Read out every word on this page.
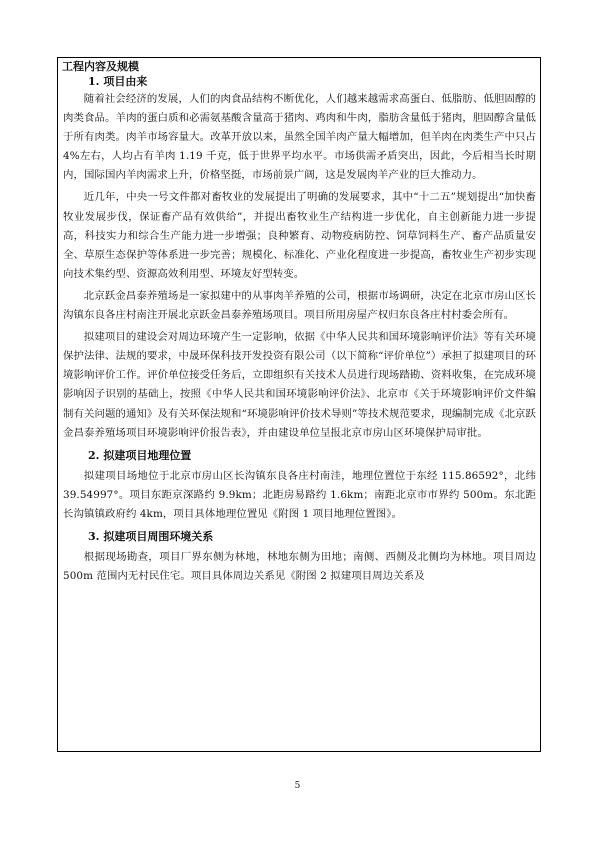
工程内容及规模
1. 项目由来
随着社会经济的发展，人们的肉食品结构不断优化，人们越来越需求高蛋白、低脂肪、低胆固醇的肉类食品。羊肉的蛋白质和必需氨基酸含量高于猪肉、鸡肉和牛肉，脂肪含量低于猪肉，胆固醇含量低于所有肉类。肉羊市场容量大。改革开放以来，虽然全国羊肉产量大幅增加，但羊肉在肉类生产中只占4%左右，人均占有羊肉 1.19 千克，低于世界平均水平。市场供需矛盾突出，因此，今后相当长时期内，国际国内羊肉需求上升，价格坚挺，市场前景广阔，这是发展肉羊产业的巨大推动力。
近几年，中央一号文件都对畜牧业的发展提出了明确的发展要求，其中“十二五”规划提出“加快畜牧业发展步伐，保证畜产品有效供给”，并提出畜牧业生产结构进一步优化，自主创新能力进一步提高，科技实力和综合生产能力进一步增强；良种繁育、动物疫病防控、饲草饲料生产、畜产品质量安全、草原生态保护等体系进一步完善；规模化、标准化、产业化程度进一步提高，畜牧业生产初步实现向技术集约型、资源高效利用型、环境友好型转变。
北京跃金昌泰养殖场是一家拟建中的从事肉羊养殖的公司，根据市场调研，决定在北京市房山区长沟镇东良各庄村南注开展北京跃金昌泰养殖场项目。项目所用房屋产权归东良各庄村村委会所有。
拟建项目的建设会对周边环境产生一定影响，依据《中华人民共和国环境影响评价法》等有关环境保护法律、法规的要求，中晟环保科技开发投资有限公司（以下简称“评价单位”）承担了拟建项目的环境影响评价工作。评价单位接受任务后，立即组织有关技术人员进行现场踏勘、资料收集，在完成环境影响因子识别的基础上，按照《中华人民共和国环境影响评价法》、北京市《关于环境影响评价文件编制有关问题的通知》及有关环保法规和“环境影响评价技术导则”等技术规范要求，现编制完成《北京跃金昌泰养殖场项目环境影响评价报告表》，并由建设单位呈报北京市房山区环境保护局审批。
2. 拟建项目地理位置
拟建项目场地位于北京市房山区长沟镇东良各庄村南洼，地理位置位于东经 115.86592°，北纬 39.54997°。项目东距京深路约 9.9km；北距房易路约 1.6km；南距北京市市界约 500m。东北距长沟镇镇政府约 4km，项目具体地理位置见《附图 1 项目地理位置图》。
3. 拟建项目周围环境关系
根据现场勘查，项目厂界东侧为林地，林地东侧为田地；南侧、西侧及北侧均为林地。项目周边 500m 范围内无村民住宅。项目具体周边关系见《附图 2 拟建项目周边关系及
5
